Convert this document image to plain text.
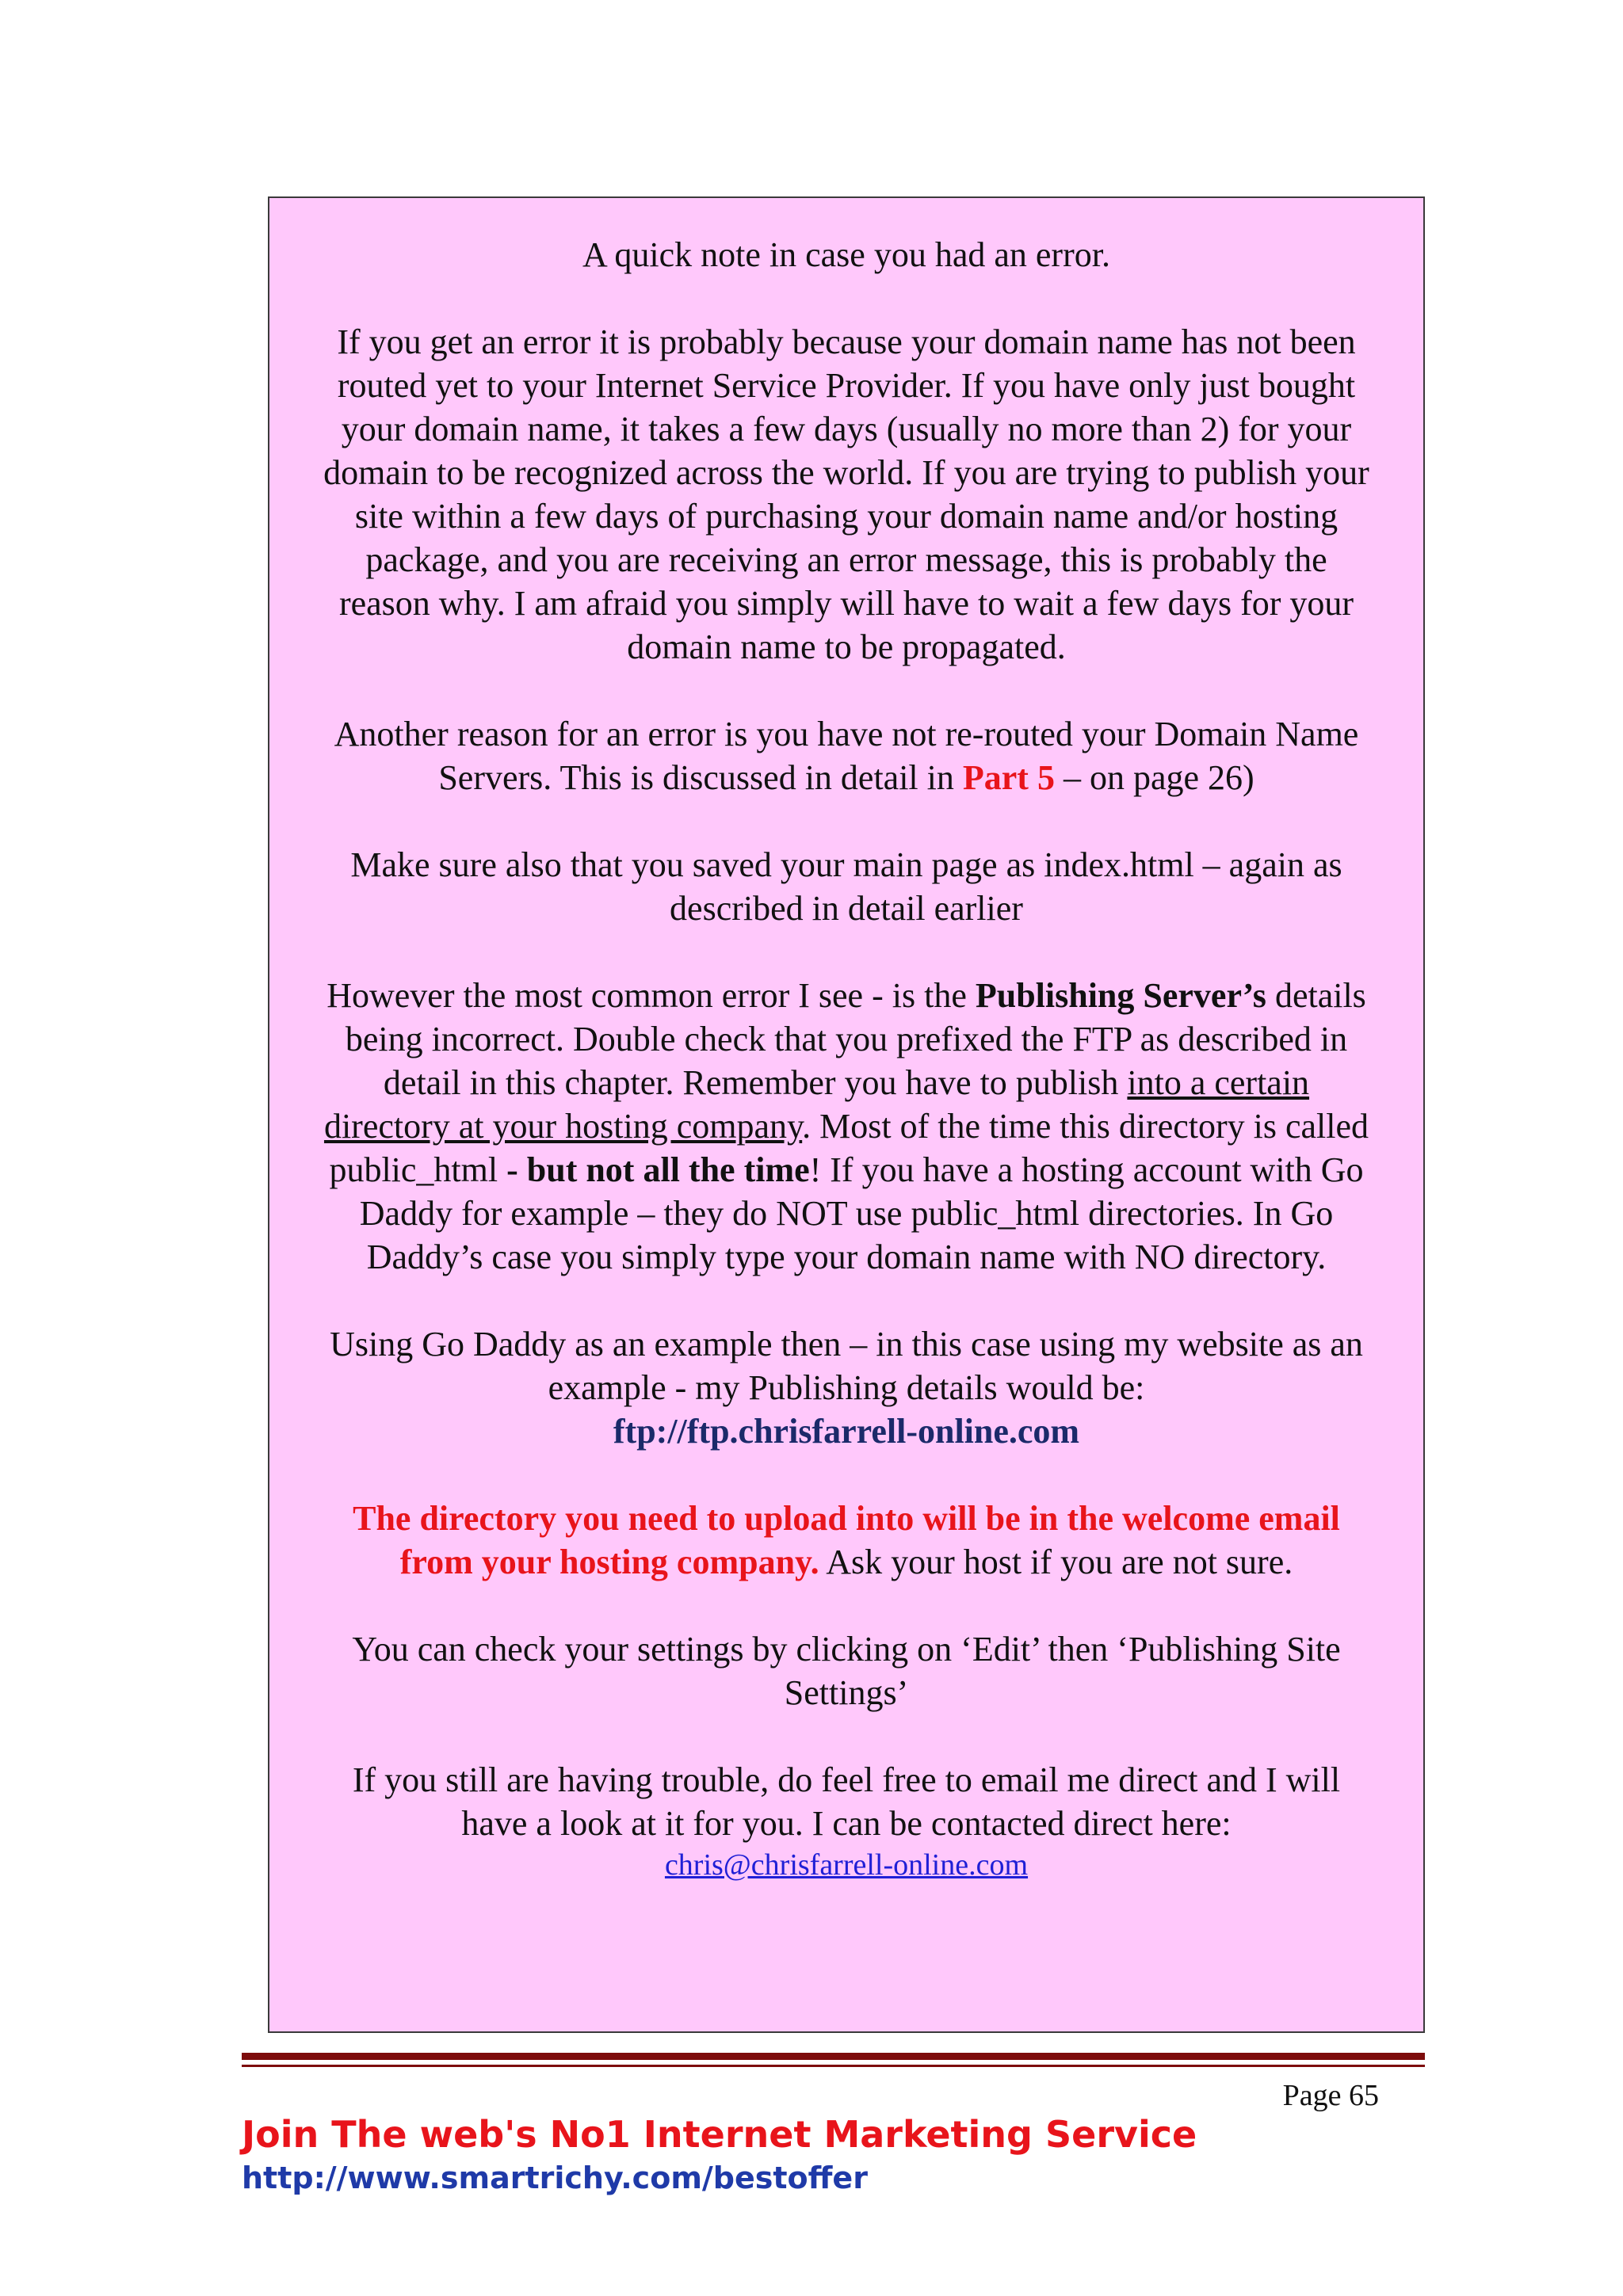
A quick note in case you had an error.

If you get an error it is probably because your domain name has not been routed yet to your Internet Service Provider. If you have only just bought your domain name, it takes a few days (usually no more than 2) for your domain to be recognized across the world. If you are trying to publish your site within a few days of purchasing your domain name and/or hosting package, and you are receiving an error message, this is probably the reason why. I am afraid you simply will have to wait a few days for your domain name to be propagated.

Another reason for an error is you have not re-routed your Domain Name Servers. This is discussed in detail in Part 5 – on page 26)

Make sure also that you saved your main page as index.html – again as described in detail earlier

However the most common error I see - is the Publishing Server’s details being incorrect. Double check that you prefixed the FTP as described in detail in this chapter. Remember you have to publish into a certain directory at your hosting company. Most of the time this directory is called public_html - but not all the time! If you have a hosting account with Go Daddy for example – they do NOT use public_html directories. In Go Daddy’s case you simply type your domain name with NO directory.

Using Go Daddy as an example then – in this case using my website as an example - my Publishing details would be:
ftp://ftp.chrisfarrell-online.com

The directory you need to upload into will be in the welcome email from your hosting company. Ask your host if you are not sure.

You can check your settings by clicking on ‘Edit’ then ‘Publishing Site Settings’

If you still are having trouble, do feel free to email me direct and I will have a look at it for you. I can be contacted direct here:

chris@chrisfarrell-online.com
Page 65
Join The web's No1 Internet Marketing Service
http://www.smartrichy.com/bestoffer
